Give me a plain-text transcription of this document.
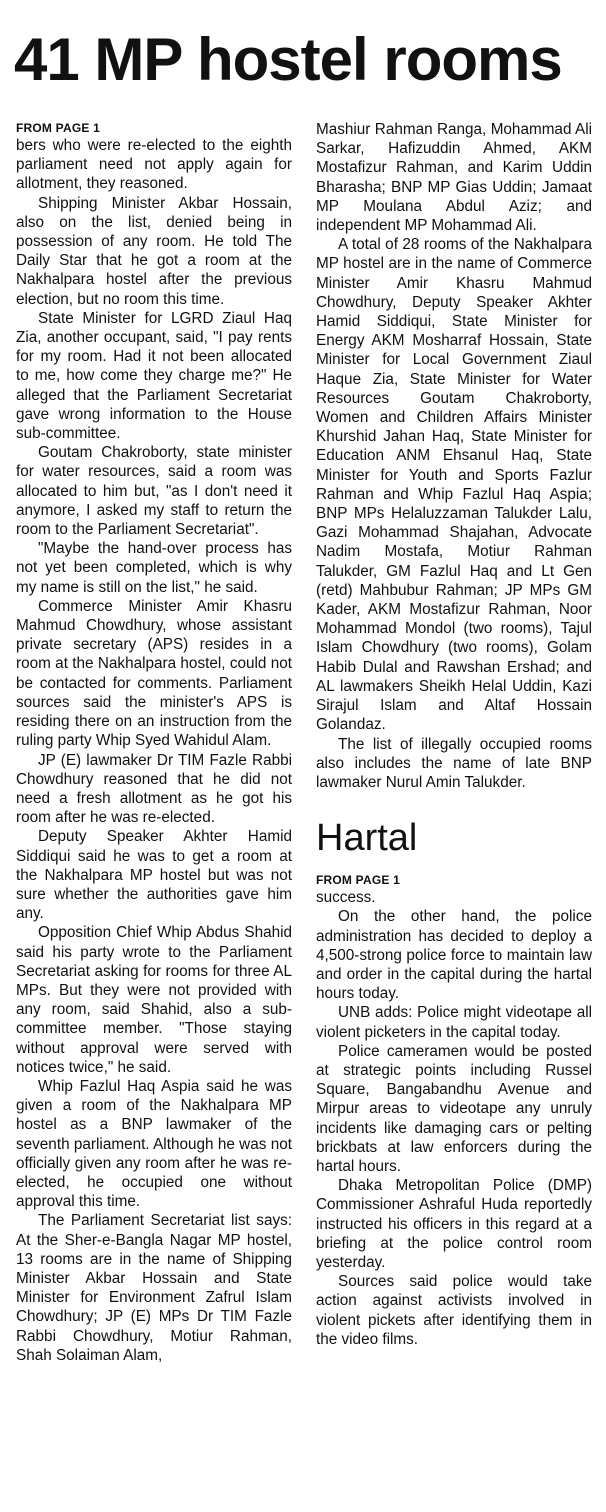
41 MP hostel rooms
FROM PAGE 1

bers who were re-elected to the eighth parliament need not apply again for allotment, they reasoned.

Shipping Minister Akbar Hossain, also on the list, denied being in possession of any room. He told The Daily Star that he got a room at the Nakhalpara hostel after the previous election, but no room this time.

State Minister for LGRD Ziaul Haq Zia, another occupant, said, "I pay rents for my room. Had it not been allocated to me, how come they charge me?" He alleged that the Parliament Secretariat gave wrong information to the House sub-committee.

Goutam Chakroborty, state minister for water resources, said a room was allocated to him but, "as I don't need it anymore, I asked my staff to return the room to the Parliament Secretariat".

"Maybe the hand-over process has not yet been completed, which is why my name is still on the list," he said.

Commerce Minister Amir Khasru Mahmud Chowdhury, whose assistant private secretary (APS) resides in a room at the Nakhalpara hostel, could not be contacted for comments. Parliament sources said the minister's APS is residing there on an instruction from the ruling party Whip Syed Wahidul Alam.

JP (E) lawmaker Dr TIM Fazle Rabbi Chowdhury reasoned that he did not need a fresh allotment as he got his room after he was re-elected.

Deputy Speaker Akhter Hamid Siddiqui said he was to get a room at the Nakhalpara MP hostel but was not sure whether the authorities gave him any.

Opposition Chief Whip Abdus Shahid said his party wrote to the Parliament Secretariat asking for rooms for three AL MPs. But they were not provided with any room, said Shahid, also a sub-committee member. "Those staying without approval were served with notices twice," he said.

Whip Fazlul Haq Aspia said he was given a room of the Nakhalpara MP hostel as a BNP lawmaker of the seventh parliament. Although he was not officially given any room after he was re-elected, he occupied one without approval this time.

The Parliament Secretariat list says: At the Sher-e-Bangla Nagar MP hostel, 13 rooms are in the name of Shipping Minister Akbar Hossain and State Minister for Environment Zafrul Islam Chowdhury; JP (E) MPs Dr TIM Fazle Rabbi Chowdhury, Motiur Rahman, Shah Solaiman Alam,

Mashiur Rahman Ranga, Mohammad Ali Sarkar, Hafizuddin Ahmed, AKM Mostafizur Rahman, and Karim Uddin Bharasha; BNP MP Gias Uddin; Jamaat MP Moulana Abdul Aziz; and independent MP Mohammad Ali.

A total of 28 rooms of the Nakhalpara MP hostel are in the name of Commerce Minister Amir Khasru Mahmud Chowdhury, Deputy Speaker Akhter Hamid Siddiqui, State Minister for Energy AKM Mosharraf Hossain, State Minister for Local Government Ziaul Haque Zia, State Minister for Water Resources Goutam Chakroborty, Women and Children Affairs Minister Khurshid Jahan Haq, State Minister for Education ANM Ehsanul Haq, State Minister for Youth and Sports Fazlur Rahman and Whip Fazlul Haq Aspia; BNP MPs Helaluzzaman Talukder Lalu, Gazi Mohammad Shajahan, Advocate Nadim Mostafa, Motiur Rahman Talukder, GM Fazlul Haq and Lt Gen (retd) Mahbubur Rahman; JP MPs GM Kader, AKM Mostafizur Rahman, Noor Mohammad Mondol (two rooms), Tajul Islam Chowdhury (two rooms), Golam Habib Dulal and Rawshan Ershad; and AL lawmakers Sheikh Helal Uddin, Kazi Sirajul Islam and Altaf Hossain Golandaz.

The list of illegally occupied rooms also includes the name of late BNP lawmaker Nurul Amin Talukder.

Hartal
FROM PAGE 1

success.

On the other hand, the police administration has decided to deploy a 4,500-strong police force to maintain law and order in the capital during the hartal hours today.

UNB adds: Police might videotape all violent picketers in the capital today.

Police cameramen would be posted at strategic points including Russel Square, Bangabandhu Avenue and Mirpur areas to videotape any unruly incidents like damaging cars or pelting brickbats at law enforcers during the hartal hours.

Dhaka Metropolitan Police (DMP) Commissioner Ashraful Huda reportedly instructed his officers in this regard at a briefing at the police control room yesterday.

Sources said police would take action against activists involved in violent pickets after identifying them in the video films.
